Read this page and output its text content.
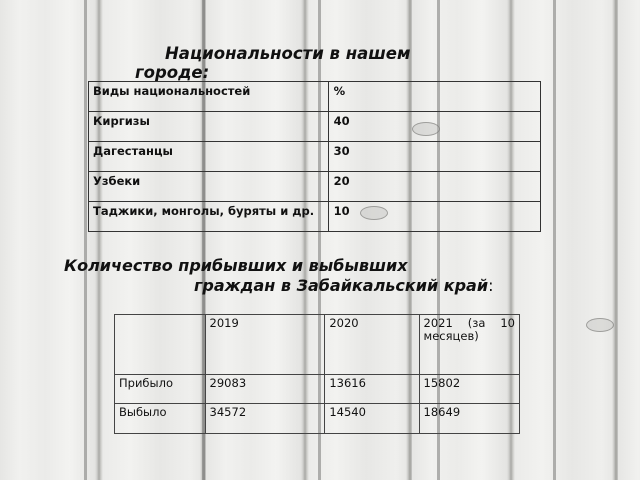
Национальности в нашем городе:
Виды национальностей	%
Киргизы	40
Дагестанцы	30
Узбеки	20
Таджики, монголы, буряты и др.	10
Количество прибывших и выбывших
граждан в Забайкальский край:
	2019	2020	2021 (за 10 месяцев)
Прибыло	29083	13616	15802
Выбыло	34572	14540	18649
